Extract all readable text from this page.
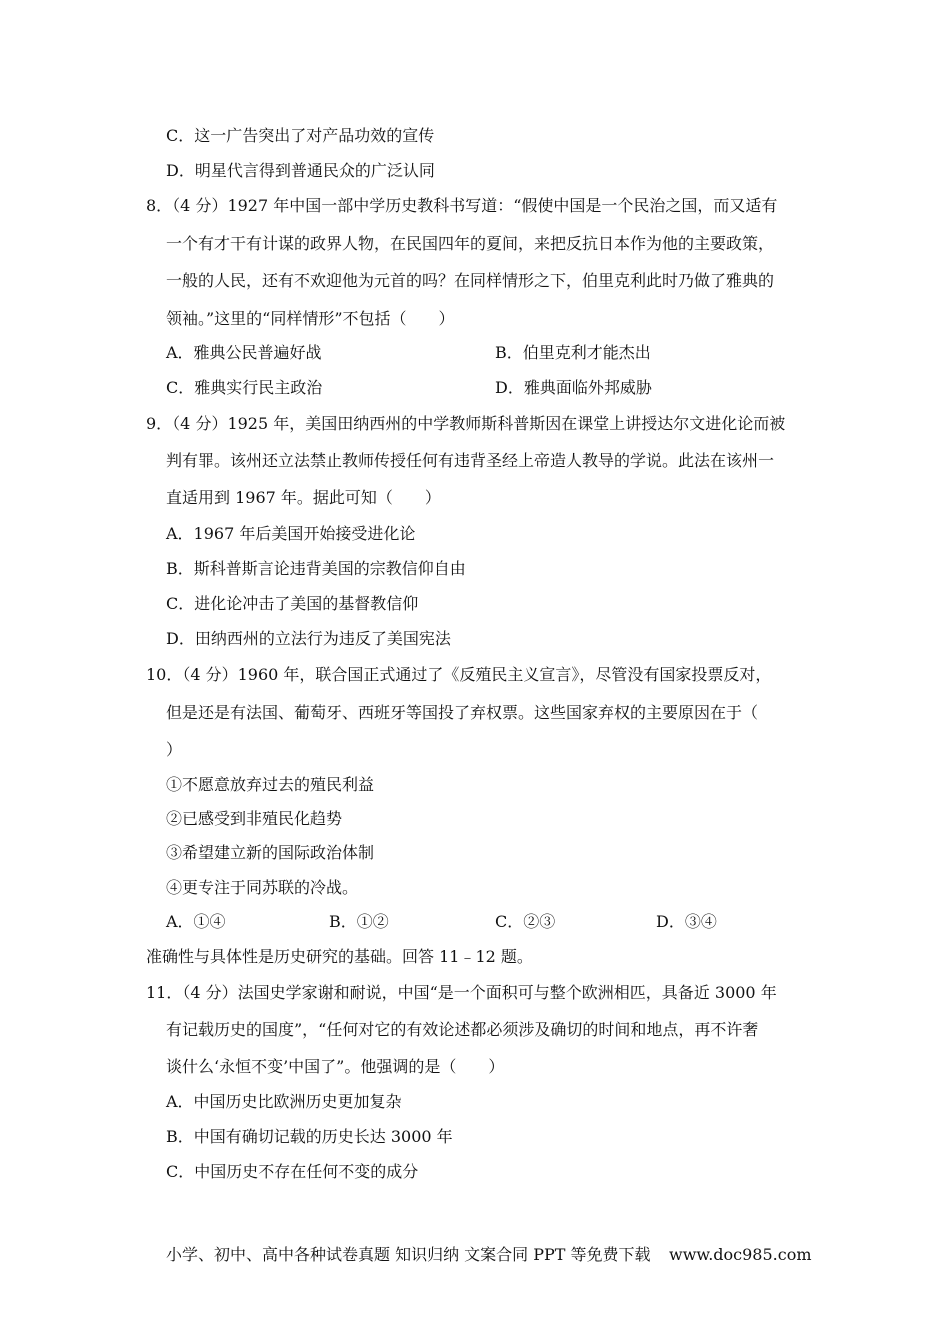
C．这一广告突出了对产品功效的宣传
D．明星代言得到普通民众的广泛认同
8．（4 分）1927 年中国一部中学历史教科书写道：“假使中国是一个民治之国，而又适有
一个有才干有计谋的政界人物，在民国四年的夏间，来把反抗日本作为他的主要政策，
一般的人民，还有不欢迎他为元首的吗？在同样情形之下，伯里克利此时乃做了雅典的
领袖。”这里的“同样情形”不包括（　　）
A．雅典公民普遍好战	B．伯里克利才能杰出
C．雅典实行民主政治	D．雅典面临外邦威胁
9．（4 分）1925 年，美国田纳西州的中学教师斯科普斯因在课堂上讲授达尔文进化论而被
判有罪。该州还立法禁止教师传授任何有违背圣经上帝造人教导的学说。此法在该州一
直适用到 1967 年。据此可知（　　）
A．1967 年后美国开始接受进化论
B．斯科普斯言论违背美国的宗教信仰自由
C．进化论冲击了美国的基督教信仰
D．田纳西州的立法行为违反了美国宪法
10．（4 分）1960 年，联合国正式通过了《反殖民主义宣言》，尽管没有国家投票反对，
但是还是有法国、葡萄牙、西班牙等国投了弃权票。这些国家弃权的主要原因在于（
）
①不愿意放弃过去的殖民利益
②已感受到非殖民化趋势
③希望建立新的国际政治体制
④更专注于同苏联的冷战。
A．①④	B．①②	C．②③	D．③④
准确性与具体性是历史研究的基础。回答 11﹣12 题。
11．（4 分）法国史学家谢和耐说，中国“是一个面积可与整个欧洲相匹，具备近 3000 年
有记载历史的国度”，“任何对它的有效论述都必须涉及确切的时间和地点，再不许奢
谈什么‘永恒不变’中国了”。他强调的是（　　）
A．中国历史比欧洲历史更加复杂
B．中国有确切记载的历史长达 3000 年
C．中国历史不存在任何不变的成分
小学、初中、高中各种试卷真题 知识归纳 文案合同 PPT 等免费下载 www.doc985.com
